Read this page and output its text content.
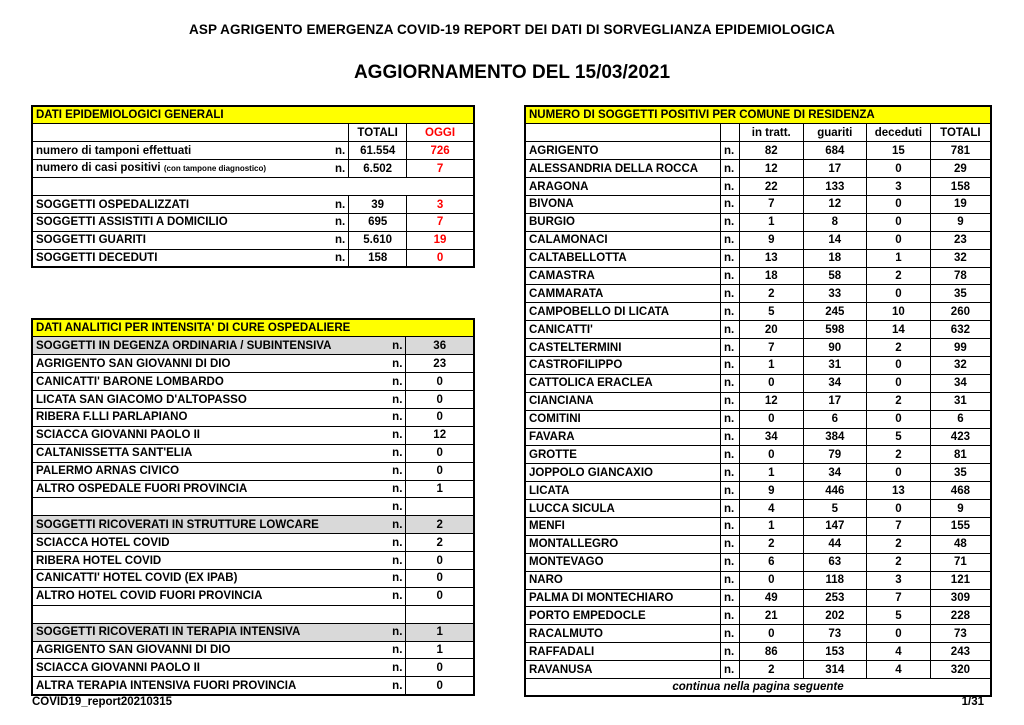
ASP AGRIGENTO EMERGENZA COVID-19 REPORT DEI DATI DI SORVEGLIANZA EPIDEMIOLOGICA
AGGIORNAMENTO DEL 15/03/2021
DATI EPIDEMIOLOGICI GENERALI			
		TOTALI	OGGI
numero di tamponi effettuati	n.	61.554	726
numero di casi positivi (con tampone diagnostico)	n.	6.502	7

SOGGETTI OSPEDALIZZATI	n.	39	3
SOGGETTI ASSISTITI A DOMICILIO	n.	695	7
SOGGETTI GUARITI	n.	5.610	19
SOGGETTI DECEDUTI	n.	158	0
DATI ANALITICI PER INTENSITA' DI CURE OSPEDALIERE		
SOGGETTI IN DEGENZA ORDINARIA / SUBINTENSIVA	n.	36
AGRIGENTO SAN GIOVANNI DI DIO	n.	23
CANICATTI' BARONE LOMBARDO	n.	0
LICATA SAN GIACOMO D'ALTOPASSO	n.	0
RIBERA F.LLI PARLAPIANO	n.	0
SCIACCA GIOVANNI PAOLO II	n.	12
CALTANISSETTA SANT'ELIA	n.	0
PALERMO ARNAS CIVICO	n.	0
ALTRO OSPEDALE FUORI PROVINCIA	n.	1
	n.	
SOGGETTI RICOVERATI IN STRUTTURE LOWCARE	n.	2
SCIACCA HOTEL COVID	n.	2
RIBERA HOTEL COVID	n.	0
CANICATTI' HOTEL COVID (EX IPAB)	n.	0
ALTRO HOTEL COVID FUORI PROVINCIA	n.	0

SOGGETTI RICOVERATI IN TERAPIA INTENSIVA	n.	1
AGRIGENTO SAN GIOVANNI DI DIO	n.	1
SCIACCA GIOVANNI PAOLO II	n.	0
ALTRA TERAPIA INTENSIVA FUORI PROVINCIA	n.	0
NUMERO DI SOGGETTI POSITIVI PER COMUNE DI RESIDENZA					
		in tratt.	guariti	deceduti	TOTALI
AGRIGENTO	n.	82	684	15	781
ALESSANDRIA DELLA ROCCA	n.	12	17	0	29
ARAGONA	n.	22	133	3	158
BIVONA	n.	7	12	0	19
BURGIO	n.	1	8	0	9
CALAMONACI	n.	9	14	0	23
CALTABELLOTTA	n.	13	18	1	32
CAMASTRA	n.	18	58	2	78
CAMMARATA	n.	2	33	0	35
CAMPOBELLO DI LICATA	n.	5	245	10	260
CANICATTI'	n.	20	598	14	632
CASTELTERMINI	n.	7	90	2	99
CASTROFILIPPO	n.	1	31	0	32
CATTOLICA ERACLEA	n.	0	34	0	34
CIANCIANA	n.	12	17	2	31
COMITINI	n.	0	6	0	6
FAVARA	n.	34	384	5	423
GROTTE	n.	0	79	2	81
JOPPOLO GIANCAXIO	n.	1	34	0	35
LICATA	n.	9	446	13	468
LUCCA SICULA	n.	4	5	0	9
MENFI	n.	1	147	7	155
MONTALLEGRO	n.	2	44	2	48
MONTEVAGO	n.	6	63	2	71
NARO	n.	0	118	3	121
PALMA DI MONTECHIARO	n.	49	253	7	309
PORTO EMPEDOCLE	n.	21	202	5	228
RACALMUTO	n.	0	73	0	73
RAFFADALI	n.	86	153	4	243
RAVANUSA	n.	2	314	4	320
continua nella pagina seguente					
COVID19_report20210315	1/31
